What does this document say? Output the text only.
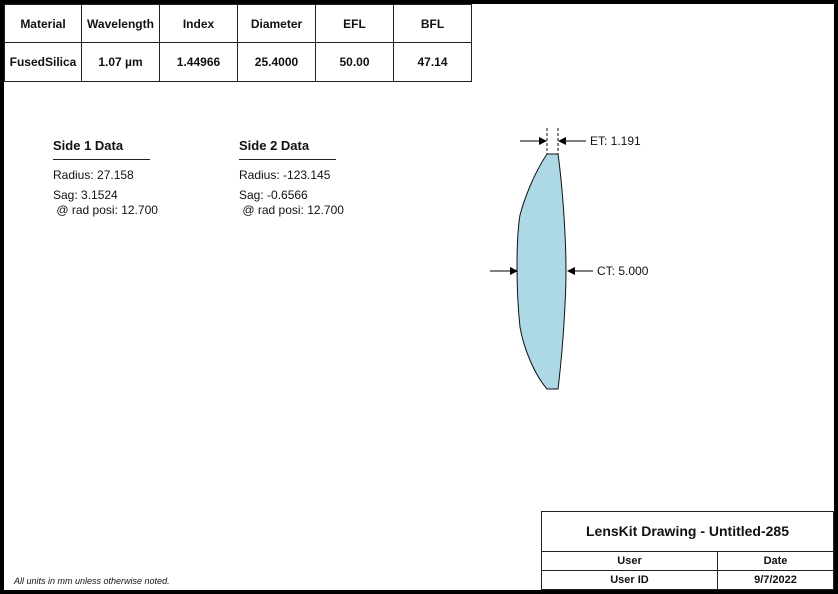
Material	Wavelength	Index	Diameter	EFL	BFL
FusedSilica	1.07 µm	1.44966	25.4000	50.00	47.14
Side 1 Data
Radius: 27.158
Sag: 3.1524
@ rad posi: 12.700
Side 2 Data
Radius: -123.145
Sag: -0.6566
@ rad posi: 12.700
ET: 1.191
CT: 5.000
LensKit Drawing - Untitled-285	
User	Date
User ID	9/7/2022
All units in mm unless otherwise noted.
